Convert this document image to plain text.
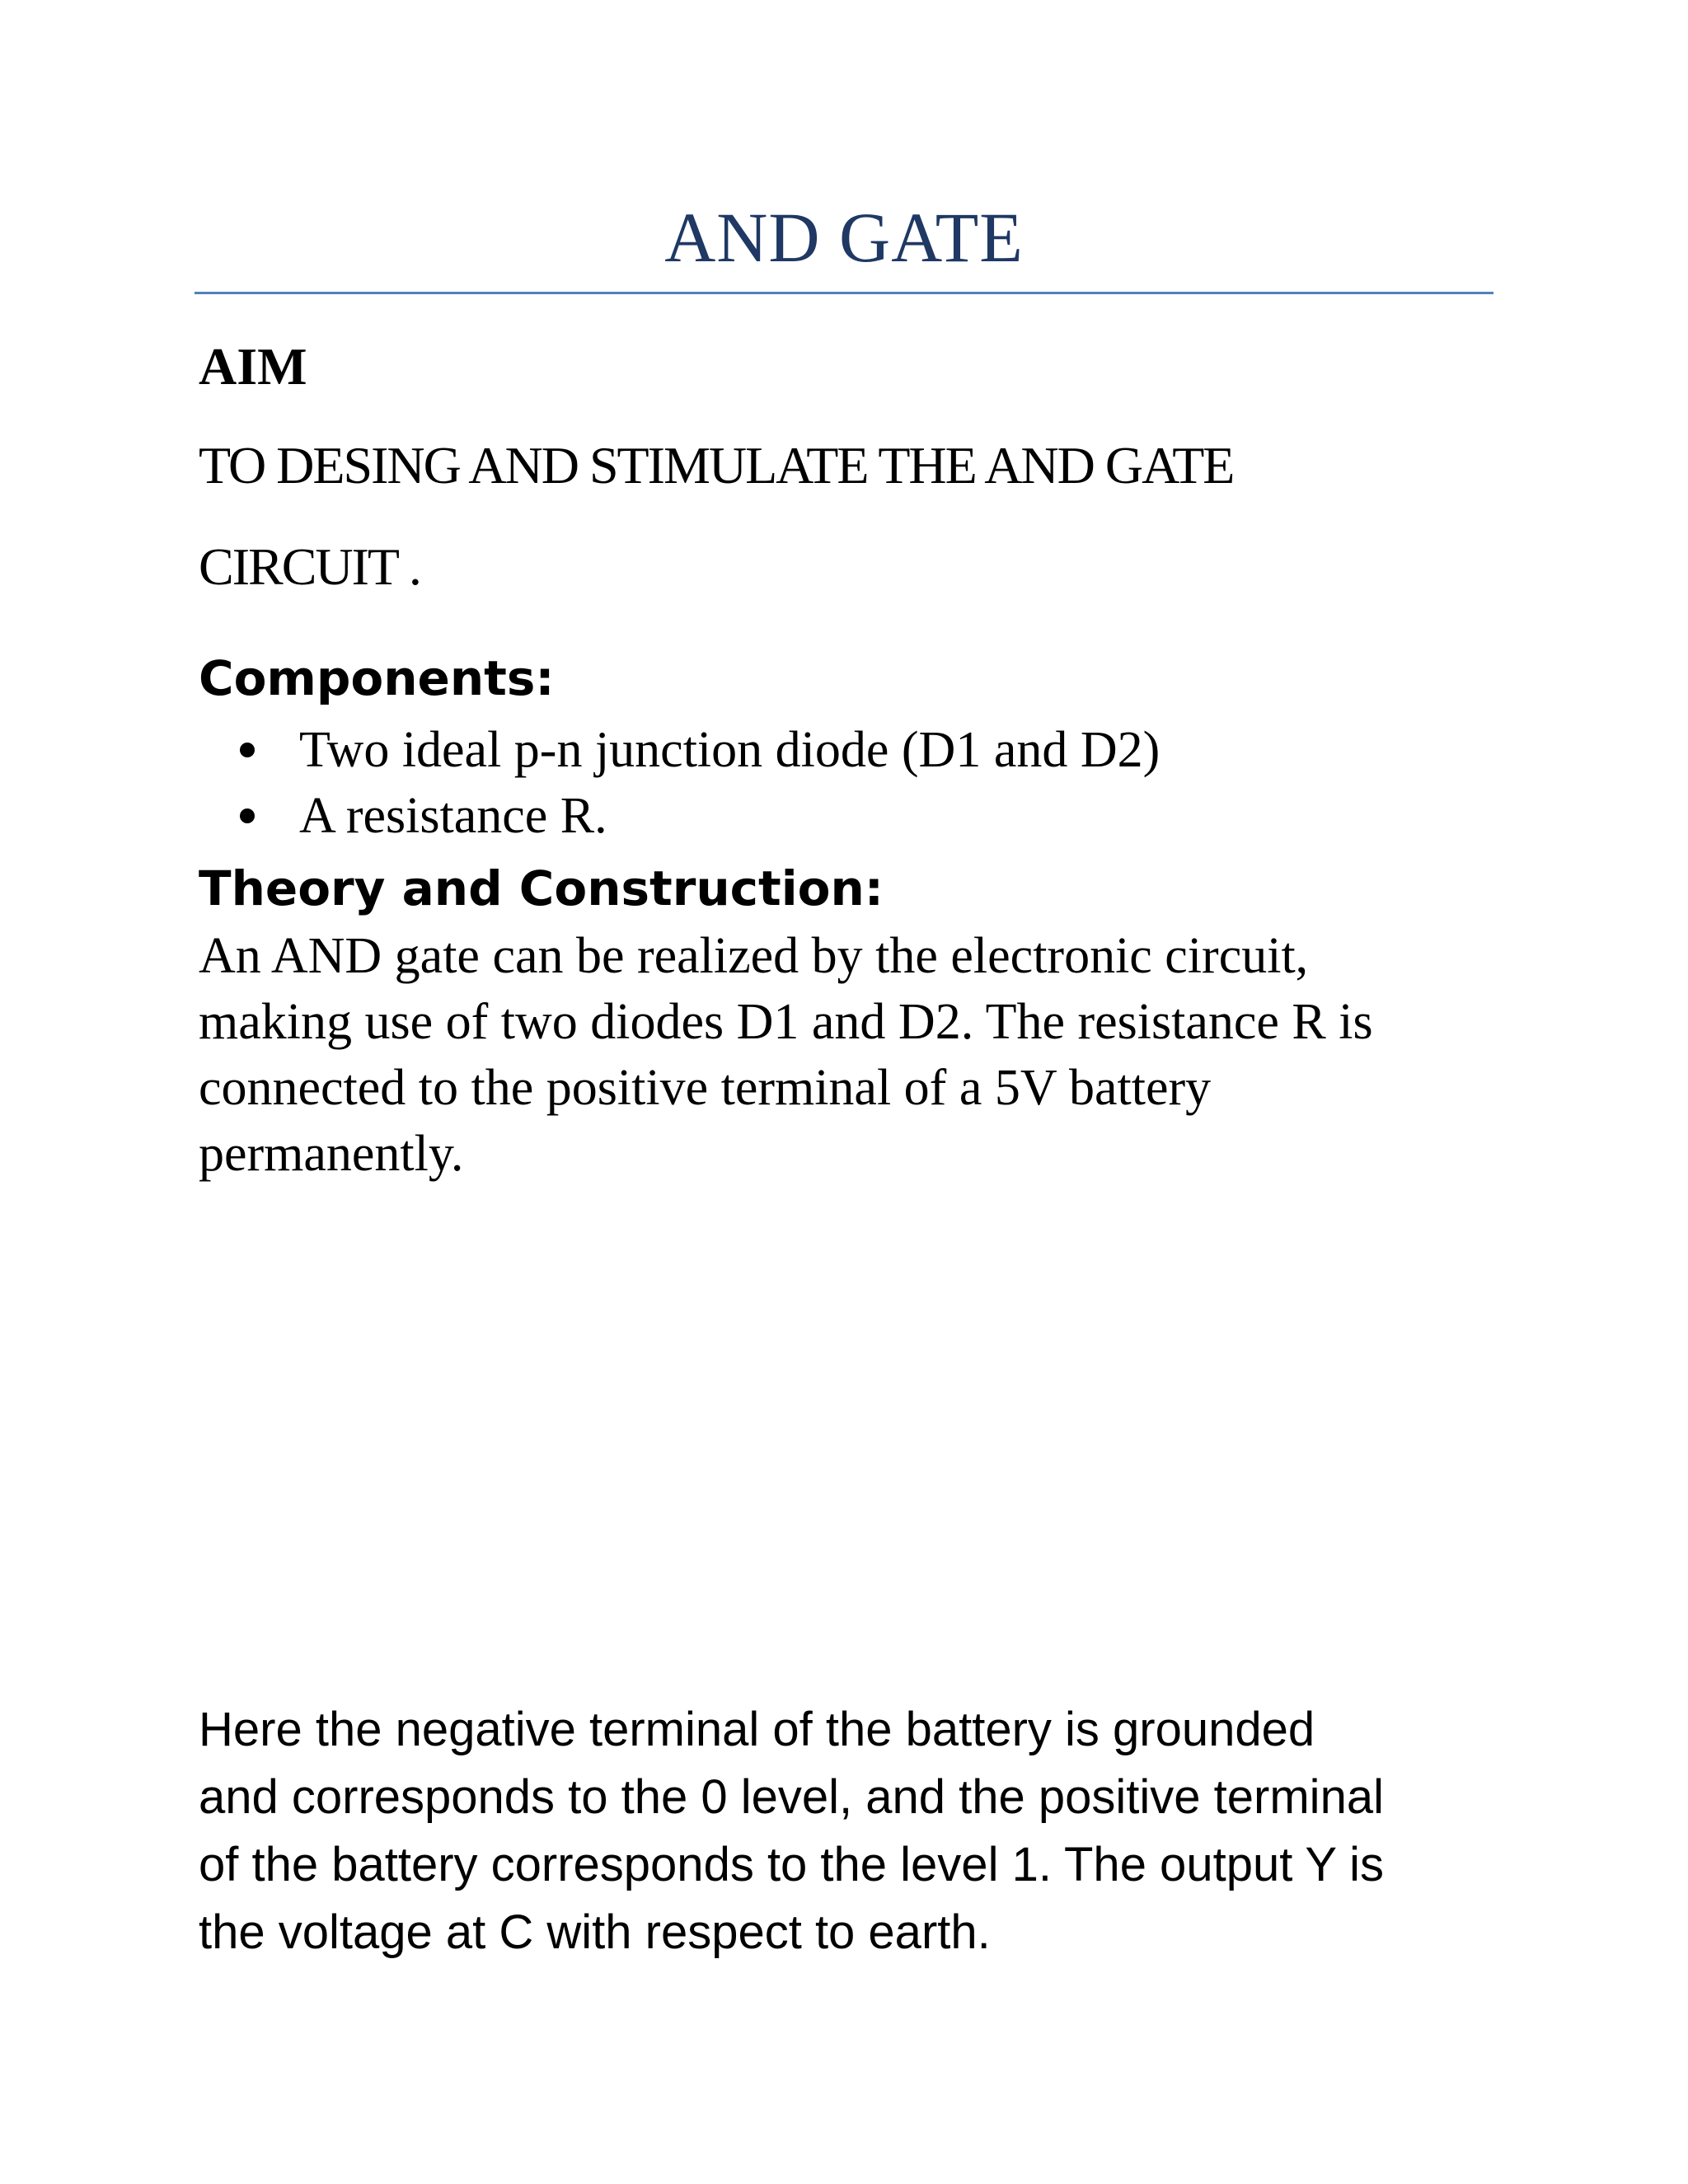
AND GATE
AIM
TO DESING AND STIMULATE THE AND GATE
CIRCUIT .
Components:
Two ideal p-n junction diode (D1 and D2)
A resistance R.
Theory and Construction:
An AND gate can be realized by the electronic circuit,
making use of two diodes D1 and D2. The resistance R is
connected to the positive terminal of a 5V battery
permanently.
Here the negative terminal of the battery is grounded
and corresponds to the 0 level, and the positive terminal
of the battery corresponds to the level 1. The output Y is
the voltage at C with respect to earth.
